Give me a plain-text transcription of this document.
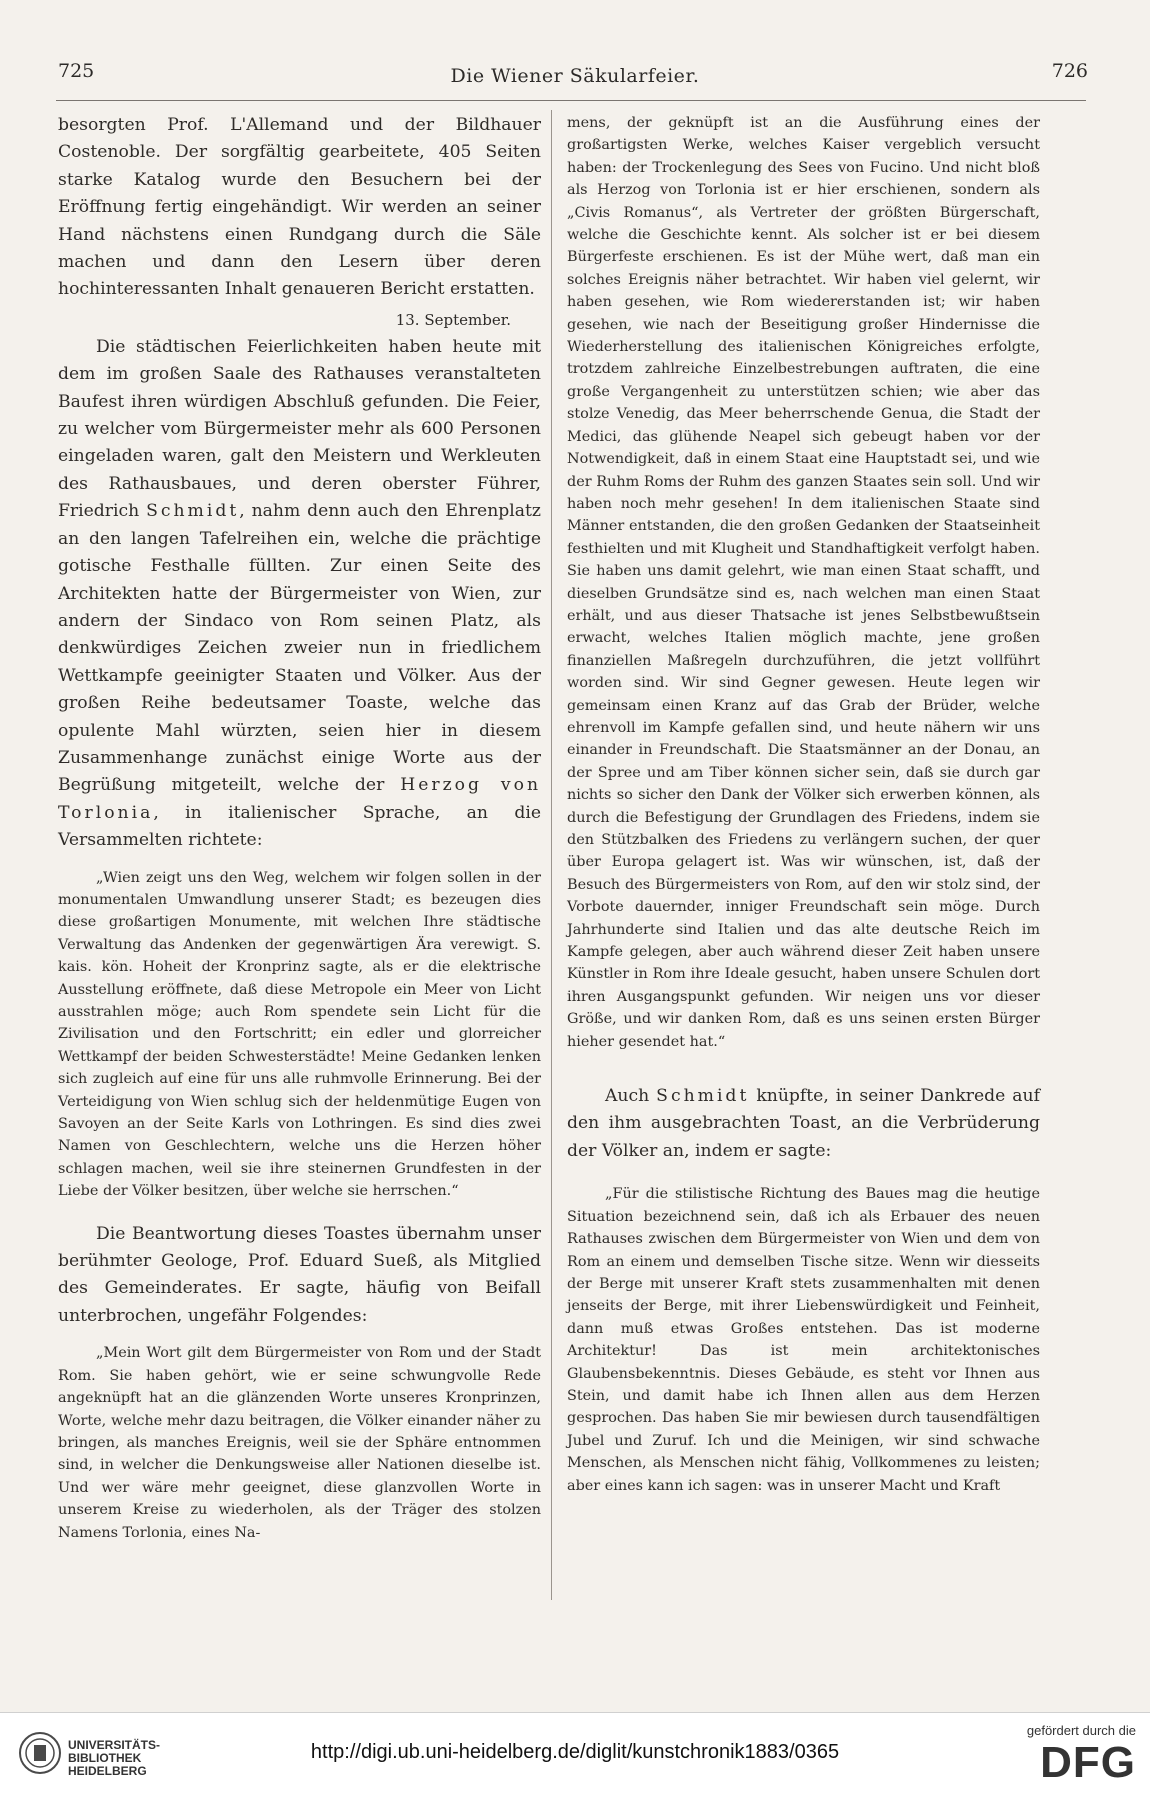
725	Die Wiener Säkularfeier.	726

besorgten Prof. L'Allemand und der Bildhauer Costenoble. Der sorgfältig gearbeitete, 405 Seiten starke Katalog wurde den Besuchern bei der Eröffnung fertig eingehändigt. Wir werden an seiner Hand nächstens einen Rundgang durch die Säle machen und dann den Lesern über deren hochinteressanten Inhalt genaueren Bericht erstatten.

13. September.

Die städtischen Feierlichkeiten haben heute mit dem im großen Saale des Rathauses veranstalteten Baufest ihren würdigen Abschluß gefunden. Die Feier, zu welcher vom Bürgermeister mehr als 600 Personen eingeladen waren, galt den Meistern und Werkleuten des Rathausbaues, und deren oberster Führer, Friedrich Schmidt, nahm denn auch den Ehrenplatz an den langen Tafelreihen ein, welche die prächtige gotische Festhalle füllten. Zur einen Seite des Architekten hatte der Bürgermeister von Wien, zur andern der Sindaco von Rom seinen Platz, als denkwürdiges Zeichen zweier nun in friedlichem Wettkampfe geeinigter Staaten und Völker. Aus der großen Reihe bedeutsamer Toaste, welche das opulente Mahl würzten, seien hier in diesem Zusammenhange zunächst einige Worte aus der Begrüßung mitgeteilt, welche der Herzog von Torlonia, in italienischer Sprache, an die Versammelten richtete:

„Wien zeigt uns den Weg, welchem wir folgen sollen in der monumentalen Umwandlung unserer Stadt; es bezeugen dies diese großartigen Monumente, mit welchen Ihre städtische Verwaltung das Andenken der gegenwärtigen Ära verewigt. S. kais. kön. Hoheit der Kronprinz sagte, als er die elektrische Ausstellung eröffnete, daß diese Metropole ein Meer von Licht ausstrahlen möge; auch Rom spendete sein Licht für die Zivilisation und den Fortschritt; ein edler und glorreicher Wettkampf der beiden Schwesterstädte! Meine Gedanken lenken sich zugleich auf eine für uns alle ruhmvolle Erinnerung. Bei der Verteidigung von Wien schlug sich der heldenmütige Eugen von Savoyen an der Seite Karls von Lothringen. Es sind dies zwei Namen von Geschlechtern, welche uns die Herzen höher schlagen machen, weil sie ihre steinernen Grundfesten in der Liebe der Völker besitzen, über welche sie herrschen.“

Die Beantwortung dieses Toastes übernahm unser berühmter Geologe, Prof. Eduard Sueß, als Mitglied des Gemeinderates. Er sagte, häufig von Beifall unterbrochen, ungefähr Folgendes:

„Mein Wort gilt dem Bürgermeister von Rom und der Stadt Rom. Sie haben gehört, wie er seine schwungvolle Rede angeknüpft hat an die glänzenden Worte unseres Kronprinzen, Worte, welche mehr dazu beitragen, die Völker einander näher zu bringen, als manches Ereignis, weil sie der Sphäre entnommen sind, in welcher die Denkungsweise aller Nationen dieselbe ist. Und wer wäre mehr geeignet, diese glanzvollen Worte in unserem Kreise zu wiederholen, als der Träger des stolzen Namens Torlonia, eines Na-

mens, der geknüpft ist an die Ausführung eines der großartigsten Werke, welches Kaiser vergeblich versucht haben: der Trockenlegung des Sees von Fucino. Und nicht bloß als Herzog von Torlonia ist er hier erschienen, sondern als „Civis Romanus“, als Vertreter der größten Bürgerschaft, welche die Geschichte kennt. Als solcher ist er bei diesem Bürgerfeste erschienen. Es ist der Mühe wert, daß man ein solches Ereignis näher betrachtet. Wir haben viel gelernt, wir haben gesehen, wie Rom wiedererstanden ist; wir haben gesehen, wie nach der Beseitigung großer Hindernisse die Wiederherstellung des italienischen Königreiches erfolgte, trotzdem zahlreiche Einzelbestrebungen auftraten, die eine große Vergangenheit zu unterstützen schien; wie aber das stolze Venedig, das Meer beherrschende Genua, die Stadt der Medici, das glühende Neapel sich gebeugt haben vor der Notwendigkeit, daß in einem Staat eine Hauptstadt sei, und wie der Ruhm Roms der Ruhm des ganzen Staates sein soll. Und wir haben noch mehr gesehen! In dem italienischen Staate sind Männer entstanden, die den großen Gedanken der Staatseinheit festhielten und mit Klugheit und Standhaftigkeit verfolgt haben. Sie haben uns damit gelehrt, wie man einen Staat schafft, und dieselben Grundsätze sind es, nach welchen man einen Staat erhält, und aus dieser Thatsache ist jenes Selbstbewußtsein erwacht, welches Italien möglich machte, jene großen finanziellen Maßregeln durchzuführen, die jetzt vollführt worden sind. Wir sind Gegner gewesen. Heute legen wir gemeinsam einen Kranz auf das Grab der Brüder, welche ehrenvoll im Kampfe gefallen sind, und heute nähern wir uns einander in Freundschaft. Die Staatsmänner an der Donau, an der Spree und am Tiber können sicher sein, daß sie durch gar nichts so sicher den Dank der Völker sich erwerben können, als durch die Befestigung der Grundlagen des Friedens, indem sie den Stützbalken des Friedens zu verlängern suchen, der quer über Europa gelagert ist. Was wir wünschen, ist, daß der Besuch des Bürgermeisters von Rom, auf den wir stolz sind, der Vorbote dauernder, inniger Freundschaft sein möge. Durch Jahrhunderte sind Italien und das alte deutsche Reich im Kampfe gelegen, aber auch während dieser Zeit haben unsere Künstler in Rom ihre Ideale gesucht, haben unsere Schulen dort ihren Ausgangspunkt gefunden. Wir neigen uns vor dieser Größe, und wir danken Rom, daß es uns seinen ersten Bürger hieher gesendet hat.“

Auch Schmidt knüpfte, in seiner Dankrede auf den ihm ausgebrachten Toast, an die Verbrüderung der Völker an, indem er sagte:

„Für die stilistische Richtung des Baues mag die heutige Situation bezeichnend sein, daß ich als Erbauer des neuen Rathauses zwischen dem Bürgermeister von Wien und dem von Rom an einem und demselben Tische sitze. Wenn wir diesseits der Berge mit unserer Kraft stets zusammenhalten mit denen jenseits der Berge, mit ihrer Liebenswürdigkeit und Feinheit, dann muß etwas Großes entstehen. Das ist moderne Architektur! Das ist mein architektonisches Glaubensbekenntnis. Dieses Gebäude, es steht vor Ihnen aus Stein, und damit habe ich Ihnen allen aus dem Herzen gesprochen. Das haben Sie mir bewiesen durch tausendfältigen Jubel und Zuruf. Ich und die Meinigen, wir sind schwache Menschen, als Menschen nicht fähig, Vollkommenes zu leisten; aber eines kann ich sagen: was in unserer Macht und Kraft

UNIVERSITÄTS-
BIBLIOTHEK
HEIDELBERG
http://digi.ub.uni-heidelberg.de/diglit/kunstchronik1883/0365
gefördert durch die
DFG
